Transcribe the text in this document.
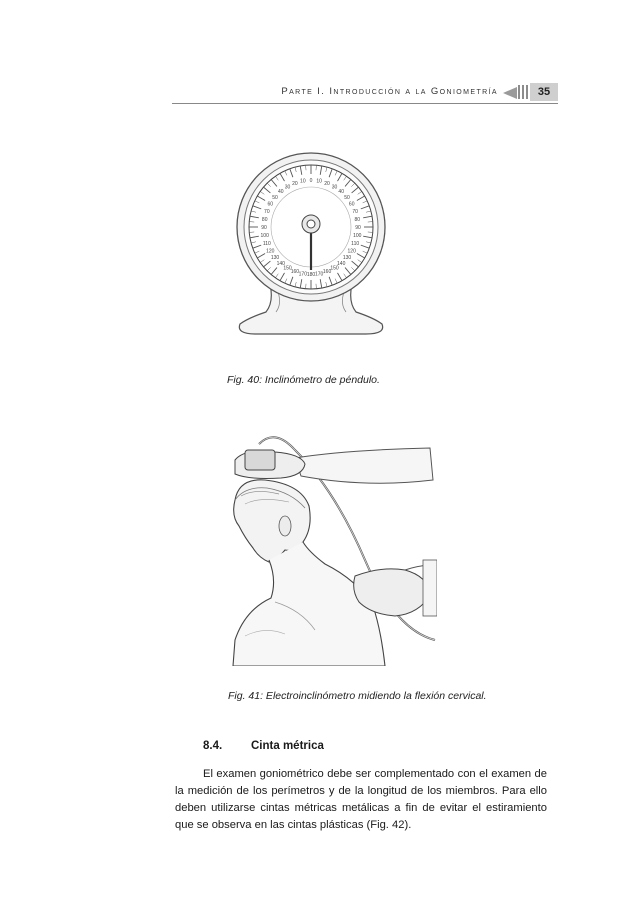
Parte I. Introducción a la Goniometría	35
0 10
10	20
20
30
30
40
40
50
50
60
60
70
70
80
80
90
90
100
100
110
110
120
120
130
130
140
140
150
150
160
160	170
170 180
Fig. 40: Inclinómetro de péndulo.
Fig. 41: Electroinclinómetro midiendo la flexión cervical.
8.4.	Cinta métrica

El examen goniométrico debe ser complementado con el examen de la medición de los perímetros y de la longitud de los miembros. Para ello deben utilizarse cintas métricas metálicas a fin de evitar el estiramiento que se observa en las cintas plásticas (Fig. 42).
